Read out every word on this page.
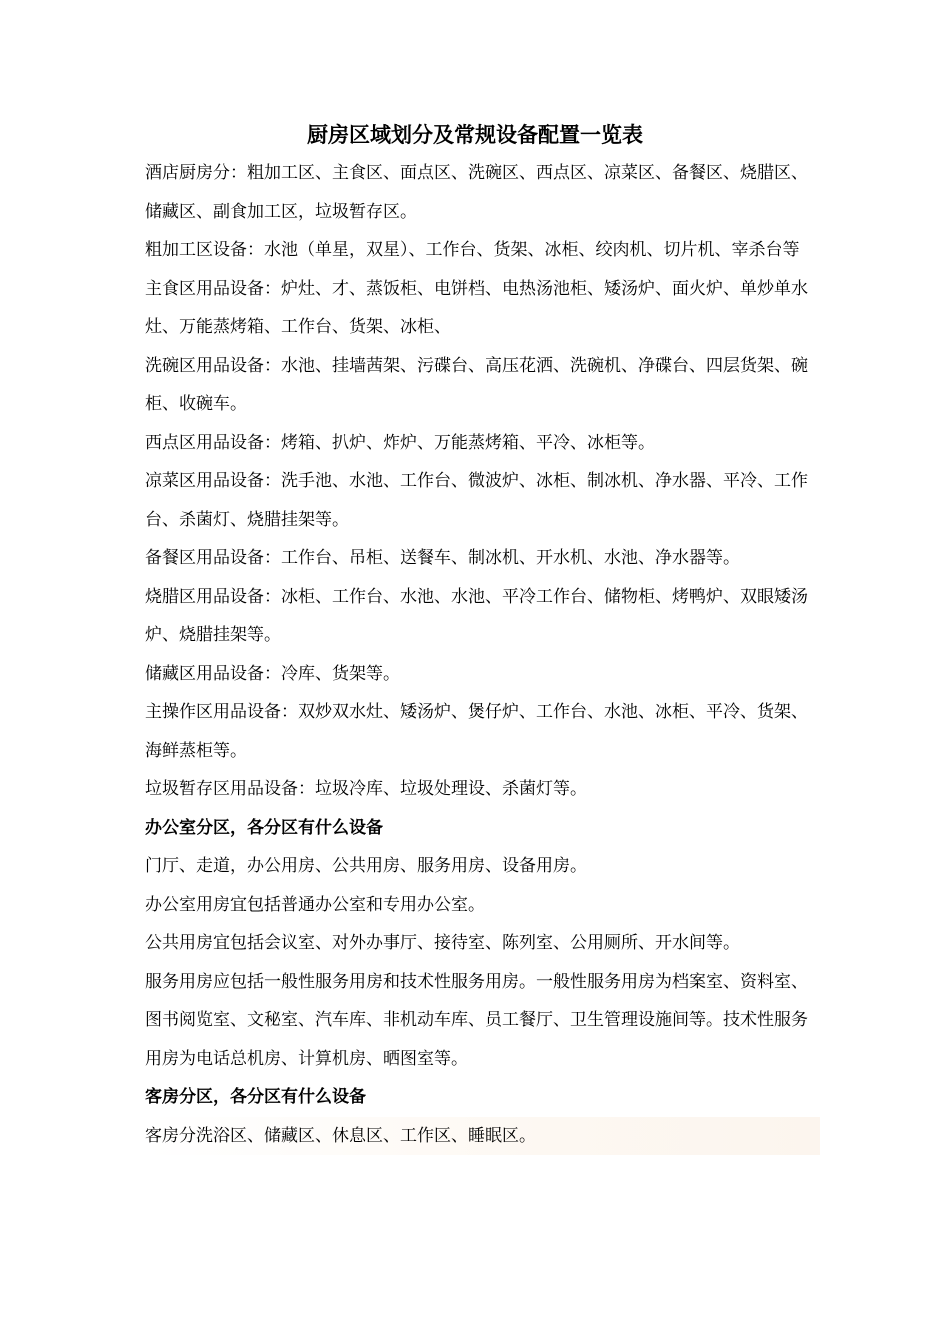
厨房区域划分及常规设备配置一览表

酒店厨房分：粗加工区、主食区、面点区、洗碗区、西点区、凉菜区、备餐区、烧腊区、储藏区、副食加工区，垃圾暂存区。

粗加工区设备：水池（单星，双星）、工作台、货架、冰柜、绞肉机、切片机、宰杀台等

主食区用品设备：炉灶、才、蒸饭柜、电饼档、电热汤池柜、矮汤炉、面火炉、单炒单水灶、万能蒸烤箱、工作台、货架、冰柜、

洗碗区用品设备：水池、挂墙茜架、污碟台、高压花洒、洗碗机、净碟台、四层货架、碗柜、收碗车。

西点区用品设备：烤箱、扒炉、炸炉、万能蒸烤箱、平冷、冰柜等。

凉菜区用品设备：洗手池、水池、工作台、微波炉、冰柜、制冰机、净水器、平冷、工作台、杀菌灯、烧腊挂架等。

备餐区用品设备：工作台、吊柜、送餐车、制冰机、开水机、水池、净水器等。

烧腊区用品设备：冰柜、工作台、水池、水池、平冷工作台、储物柜、烤鸭炉、双眼矮汤炉、烧腊挂架等。

储藏区用品设备：冷库、货架等。

主操作区用品设备：双炒双水灶、矮汤炉、煲仔炉、工作台、水池、冰柜、平冷、货架、海鲜蒸柜等。

垃圾暂存区用品设备：垃圾冷库、垃圾处理设、杀菌灯等。

办公室分区，各分区有什么设备

门厅、走道，办公用房、公共用房、服务用房、设备用房。

办公室用房宜包括普通办公室和专用办公室。

公共用房宜包括会议室、对外办事厅、接待室、陈列室、公用厕所、开水间等。

服务用房应包括一般性服务用房和技术性服务用房。一般性服务用房为档案室、资料室、图书阅览室、文秘室、汽车库、非机动车库、员工餐厅、卫生管理设施间等。技术性服务用房为电话总机房、计算机房、晒图室等。

客房分区，各分区有什么设备

客房分洗浴区、储藏区、休息区、工作区、睡眠区。
